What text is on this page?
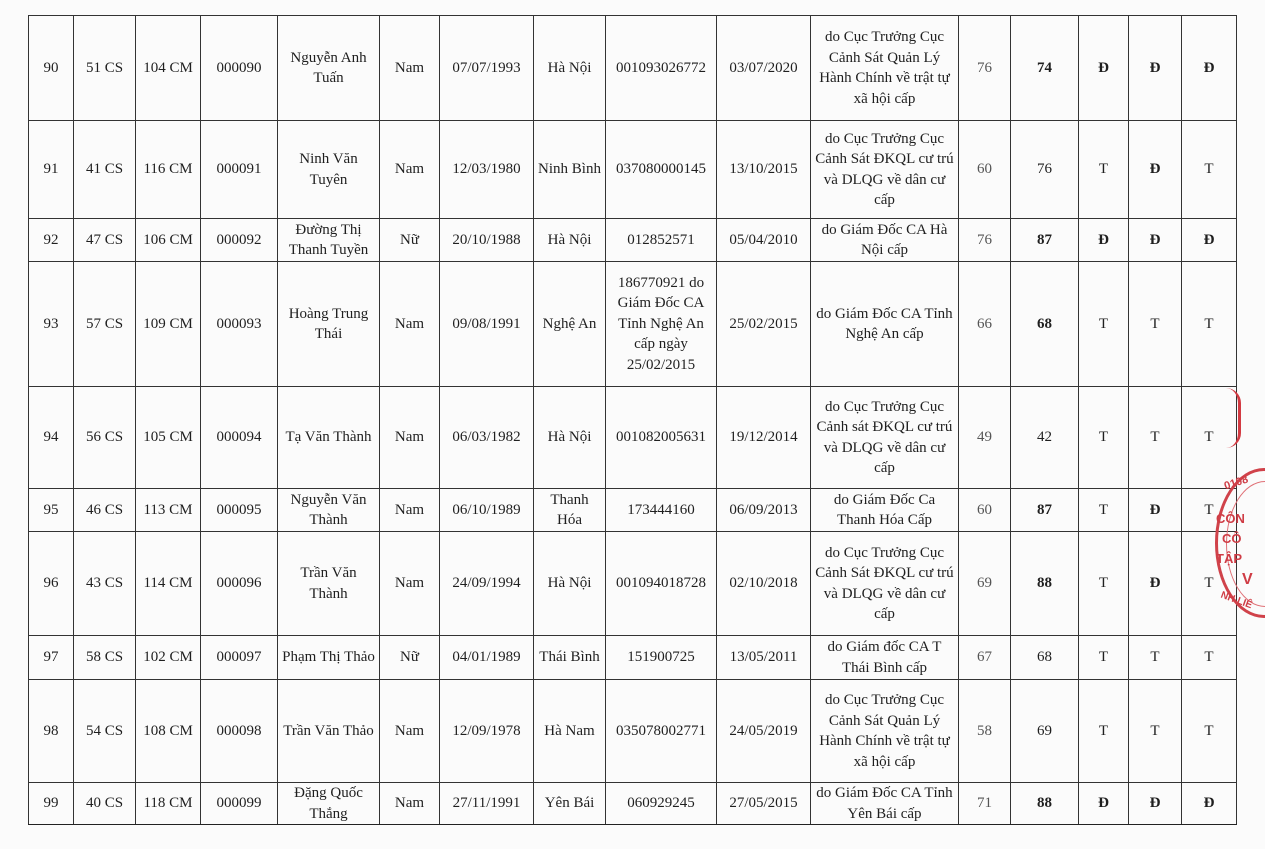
90	51 CS	104 CM	000090	Nguyễn Anh Tuấn	Nam	07/07/1993	Hà Nội	001093026772	03/07/2020	do Cục Trưởng Cục Cảnh Sát Quản Lý Hành Chính về trật tự xã hội cấp	76	74	Đ	Đ	Đ
91	41 CS	116 CM	000091	Ninh Văn Tuyên	Nam	12/03/1980	Ninh Bình	037080000145	13/10/2015	do Cục Trưởng Cục Cảnh Sát ĐKQL cư trú và DLQG về dân cư cấp	60	76	T	Đ	T
92	47 CS	106 CM	000092	Đường Thị Thanh Tuyền	Nữ	20/10/1988	Hà Nội	012852571	05/04/2010	do Giám Đốc CA Hà Nội cấp	76	87	Đ	Đ	Đ
93	57 CS	109 CM	000093	Hoàng Trung Thái	Nam	09/08/1991	Nghệ An	186770921 do Giám Đốc CA Tỉnh Nghệ An cấp ngày 25/02/2015	25/02/2015	do Giám Đốc CA Tỉnh Nghệ An cấp	66	68	T	T	T
94	56 CS	105 CM	000094	Tạ Văn Thành	Nam	06/03/1982	Hà Nội	001082005631	19/12/2014	do Cục Trưởng Cục Cảnh sát ĐKQL cư trú và DLQG về dân cư cấp	49	42	T	T	T
95	46 CS	113 CM	000095	Nguyễn Văn Thành	Nam	06/10/1989	Thanh Hóa	173444160	06/09/2013	do Giám Đốc Ca Thanh Hóa Cấp	60	87	T	Đ	T
96	43 CS	114 CM	000096	Trần Văn Thành	Nam	24/09/1994	Hà Nội	001094018728	02/10/2018	do Cục Trưởng Cục Cảnh Sát ĐKQL cư trú và DLQG về dân cư cấp	69	88	T	Đ	T
97	58 CS	102 CM	000097	Phạm Thị Thảo	Nữ	04/01/1989	Thái Bình	151900725	13/05/2011	do Giám đốc CA T Thái Bình cấp	67	68	T	T	T
98	54 CS	108 CM	000098	Trần Văn Thảo	Nam	12/09/1978	Hà Nam	035078002771	24/05/2019	do Cục Trưởng Cục Cảnh Sát Quản Lý Hành Chính về trật tự xã hội cấp	58	69	T	T	T
99	40 CS	118 CM	000099	Đặng Quốc Thắng	Nam	27/11/1991	Yên Bái	060929245	27/05/2015	do Giám Đốc CA Tỉnh Yên Bái cấp	71	88	Đ	Đ	Đ
0108
CÔN
CÔ
TẬP
V
NH LIÊ
